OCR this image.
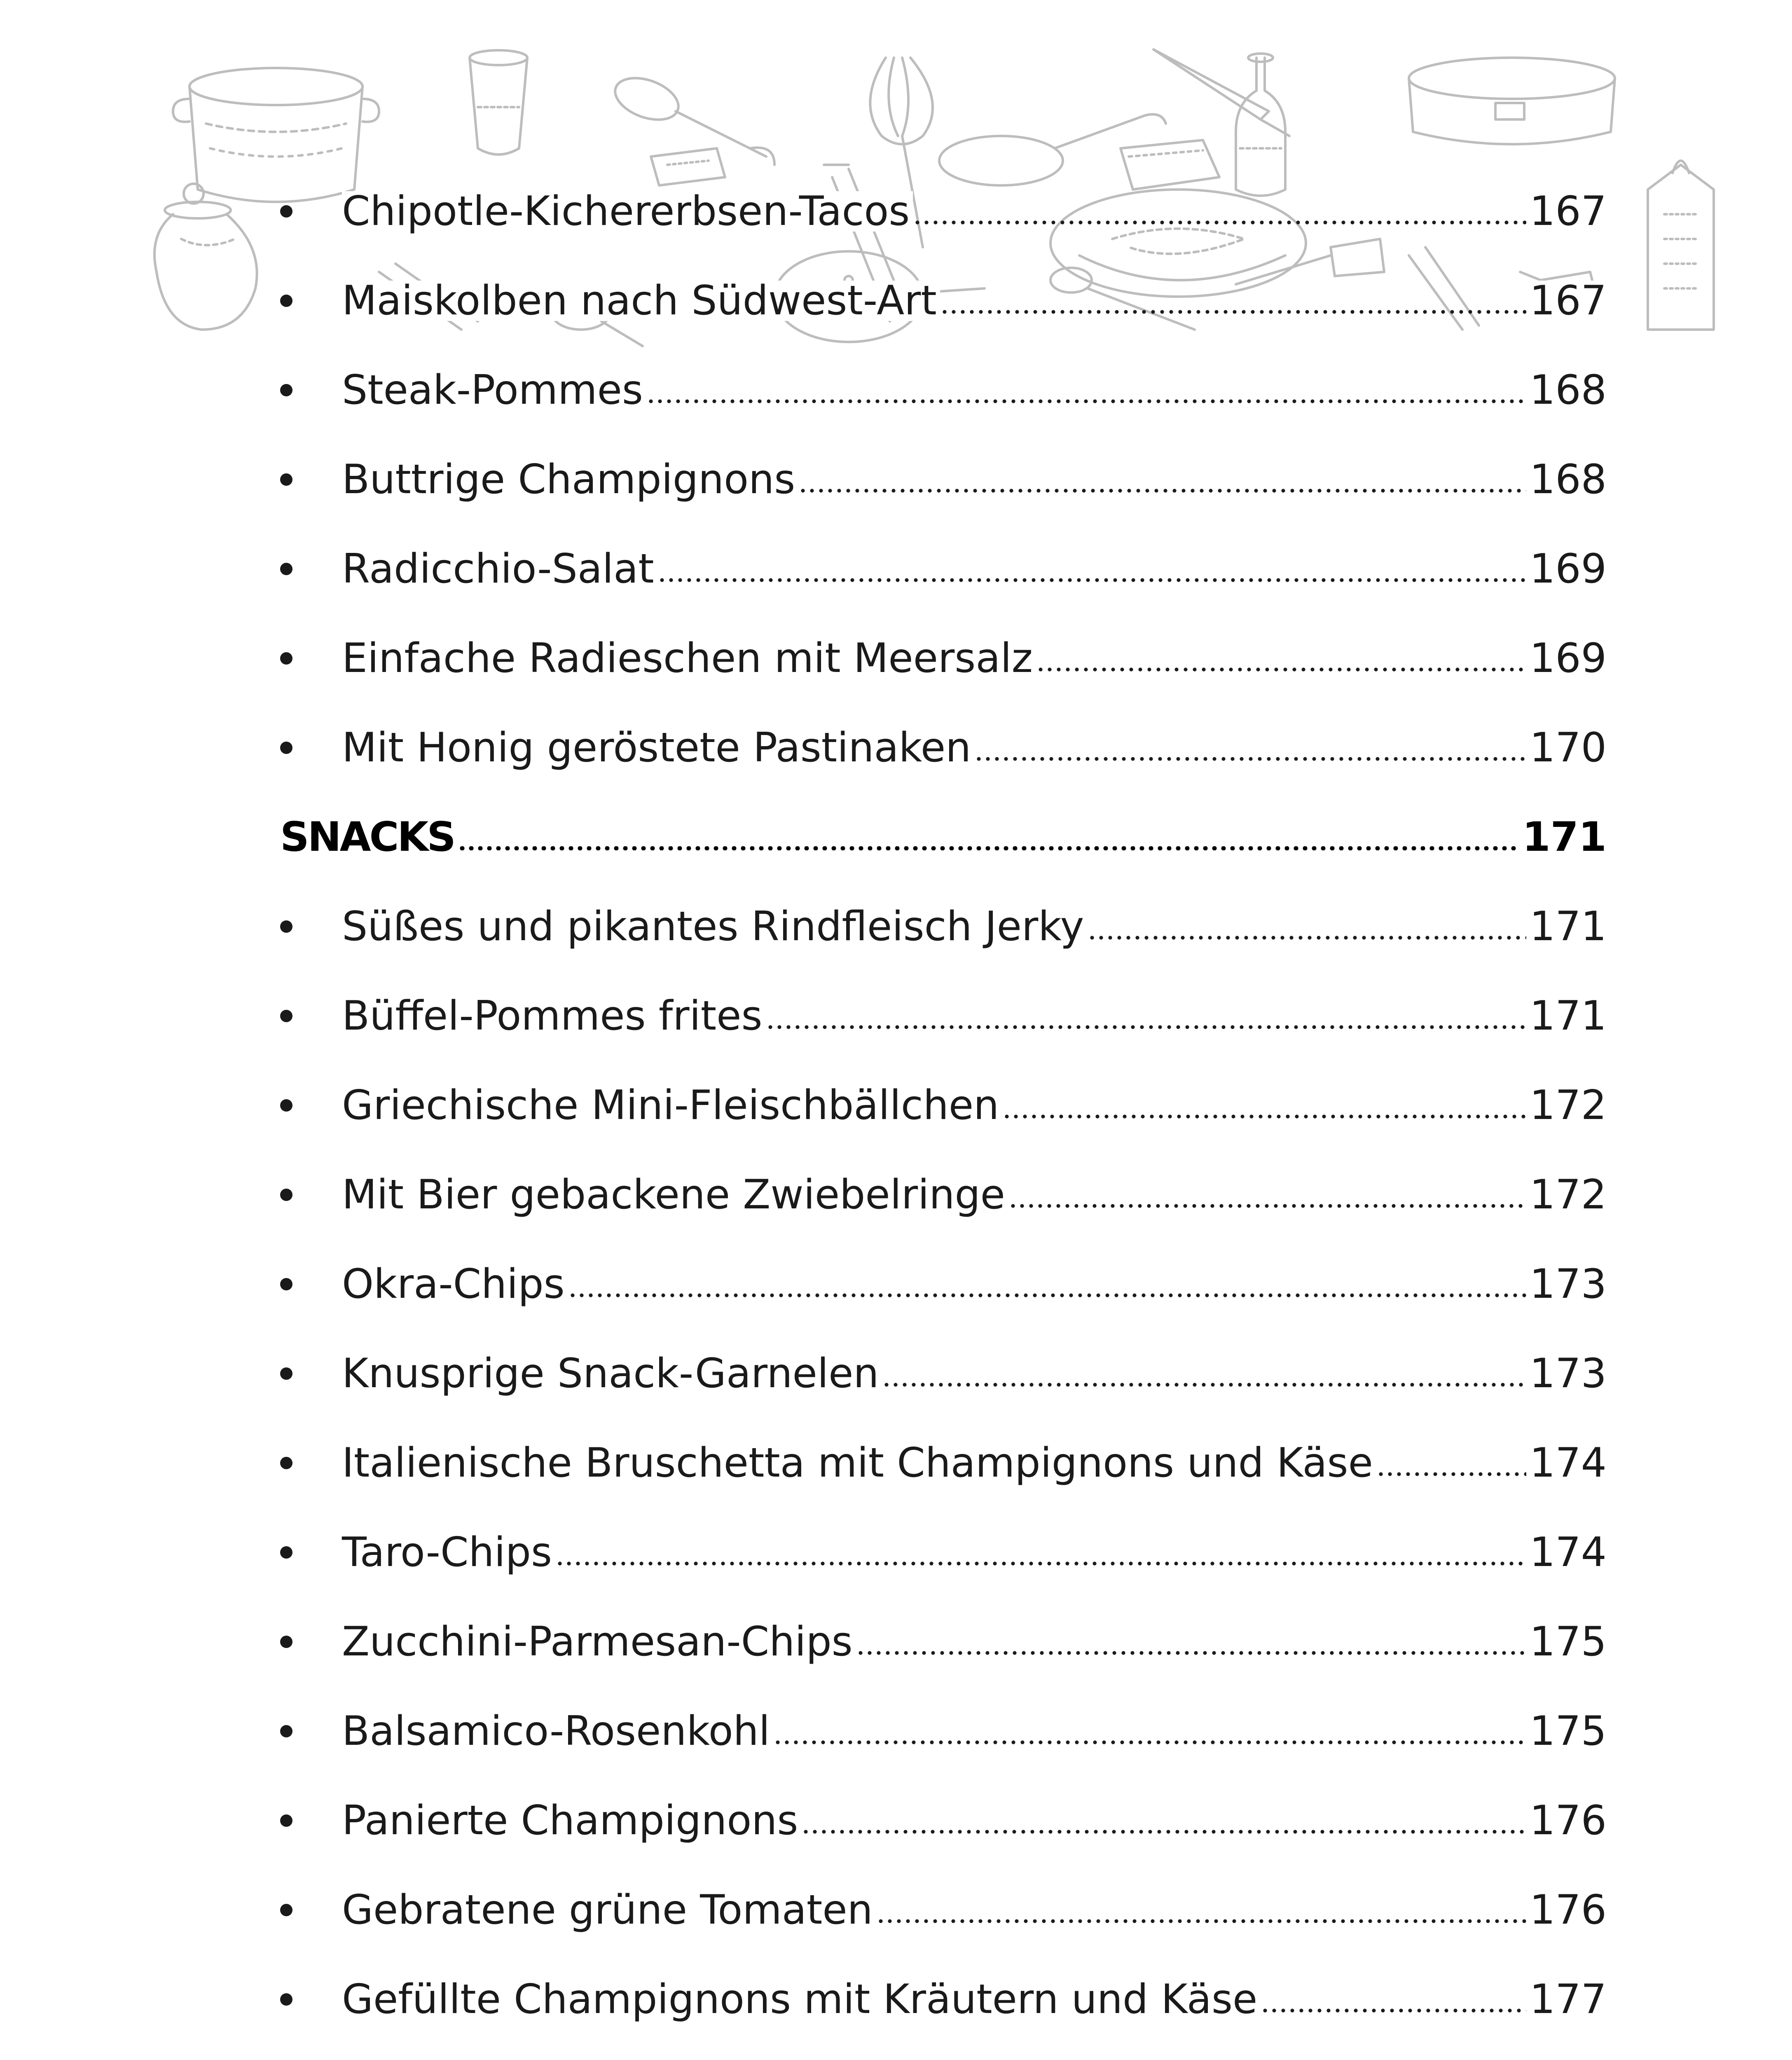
Chipotle-Kichererbsen-Tacos	167
Maiskolben nach Südwest-Art	167
Steak-Pommes	168
Buttrige Champignons	168
Radicchio-Salat	169
Einfache Radieschen mit Meersalz	169
Mit Honig geröstete Pastinaken	170
SNACKS	171
Süßes und pikantes Rindfleisch Jerky	171
Büffel-Pommes frites	171
Griechische Mini-Fleischbällchen	172
Mit Bier gebackene Zwiebelringe	172
Okra-Chips	173
Knusprige Snack-Garnelen	173
Italienische Bruschetta mit Champignons und Käse	174
Taro-Chips	174
Zucchini-Parmesan-Chips	175
Balsamico-Rosenkohl	175
Panierte Champignons	176
Gebratene grüne Tomaten	176
Gefüllte Champignons mit Kräutern und Käse	177
